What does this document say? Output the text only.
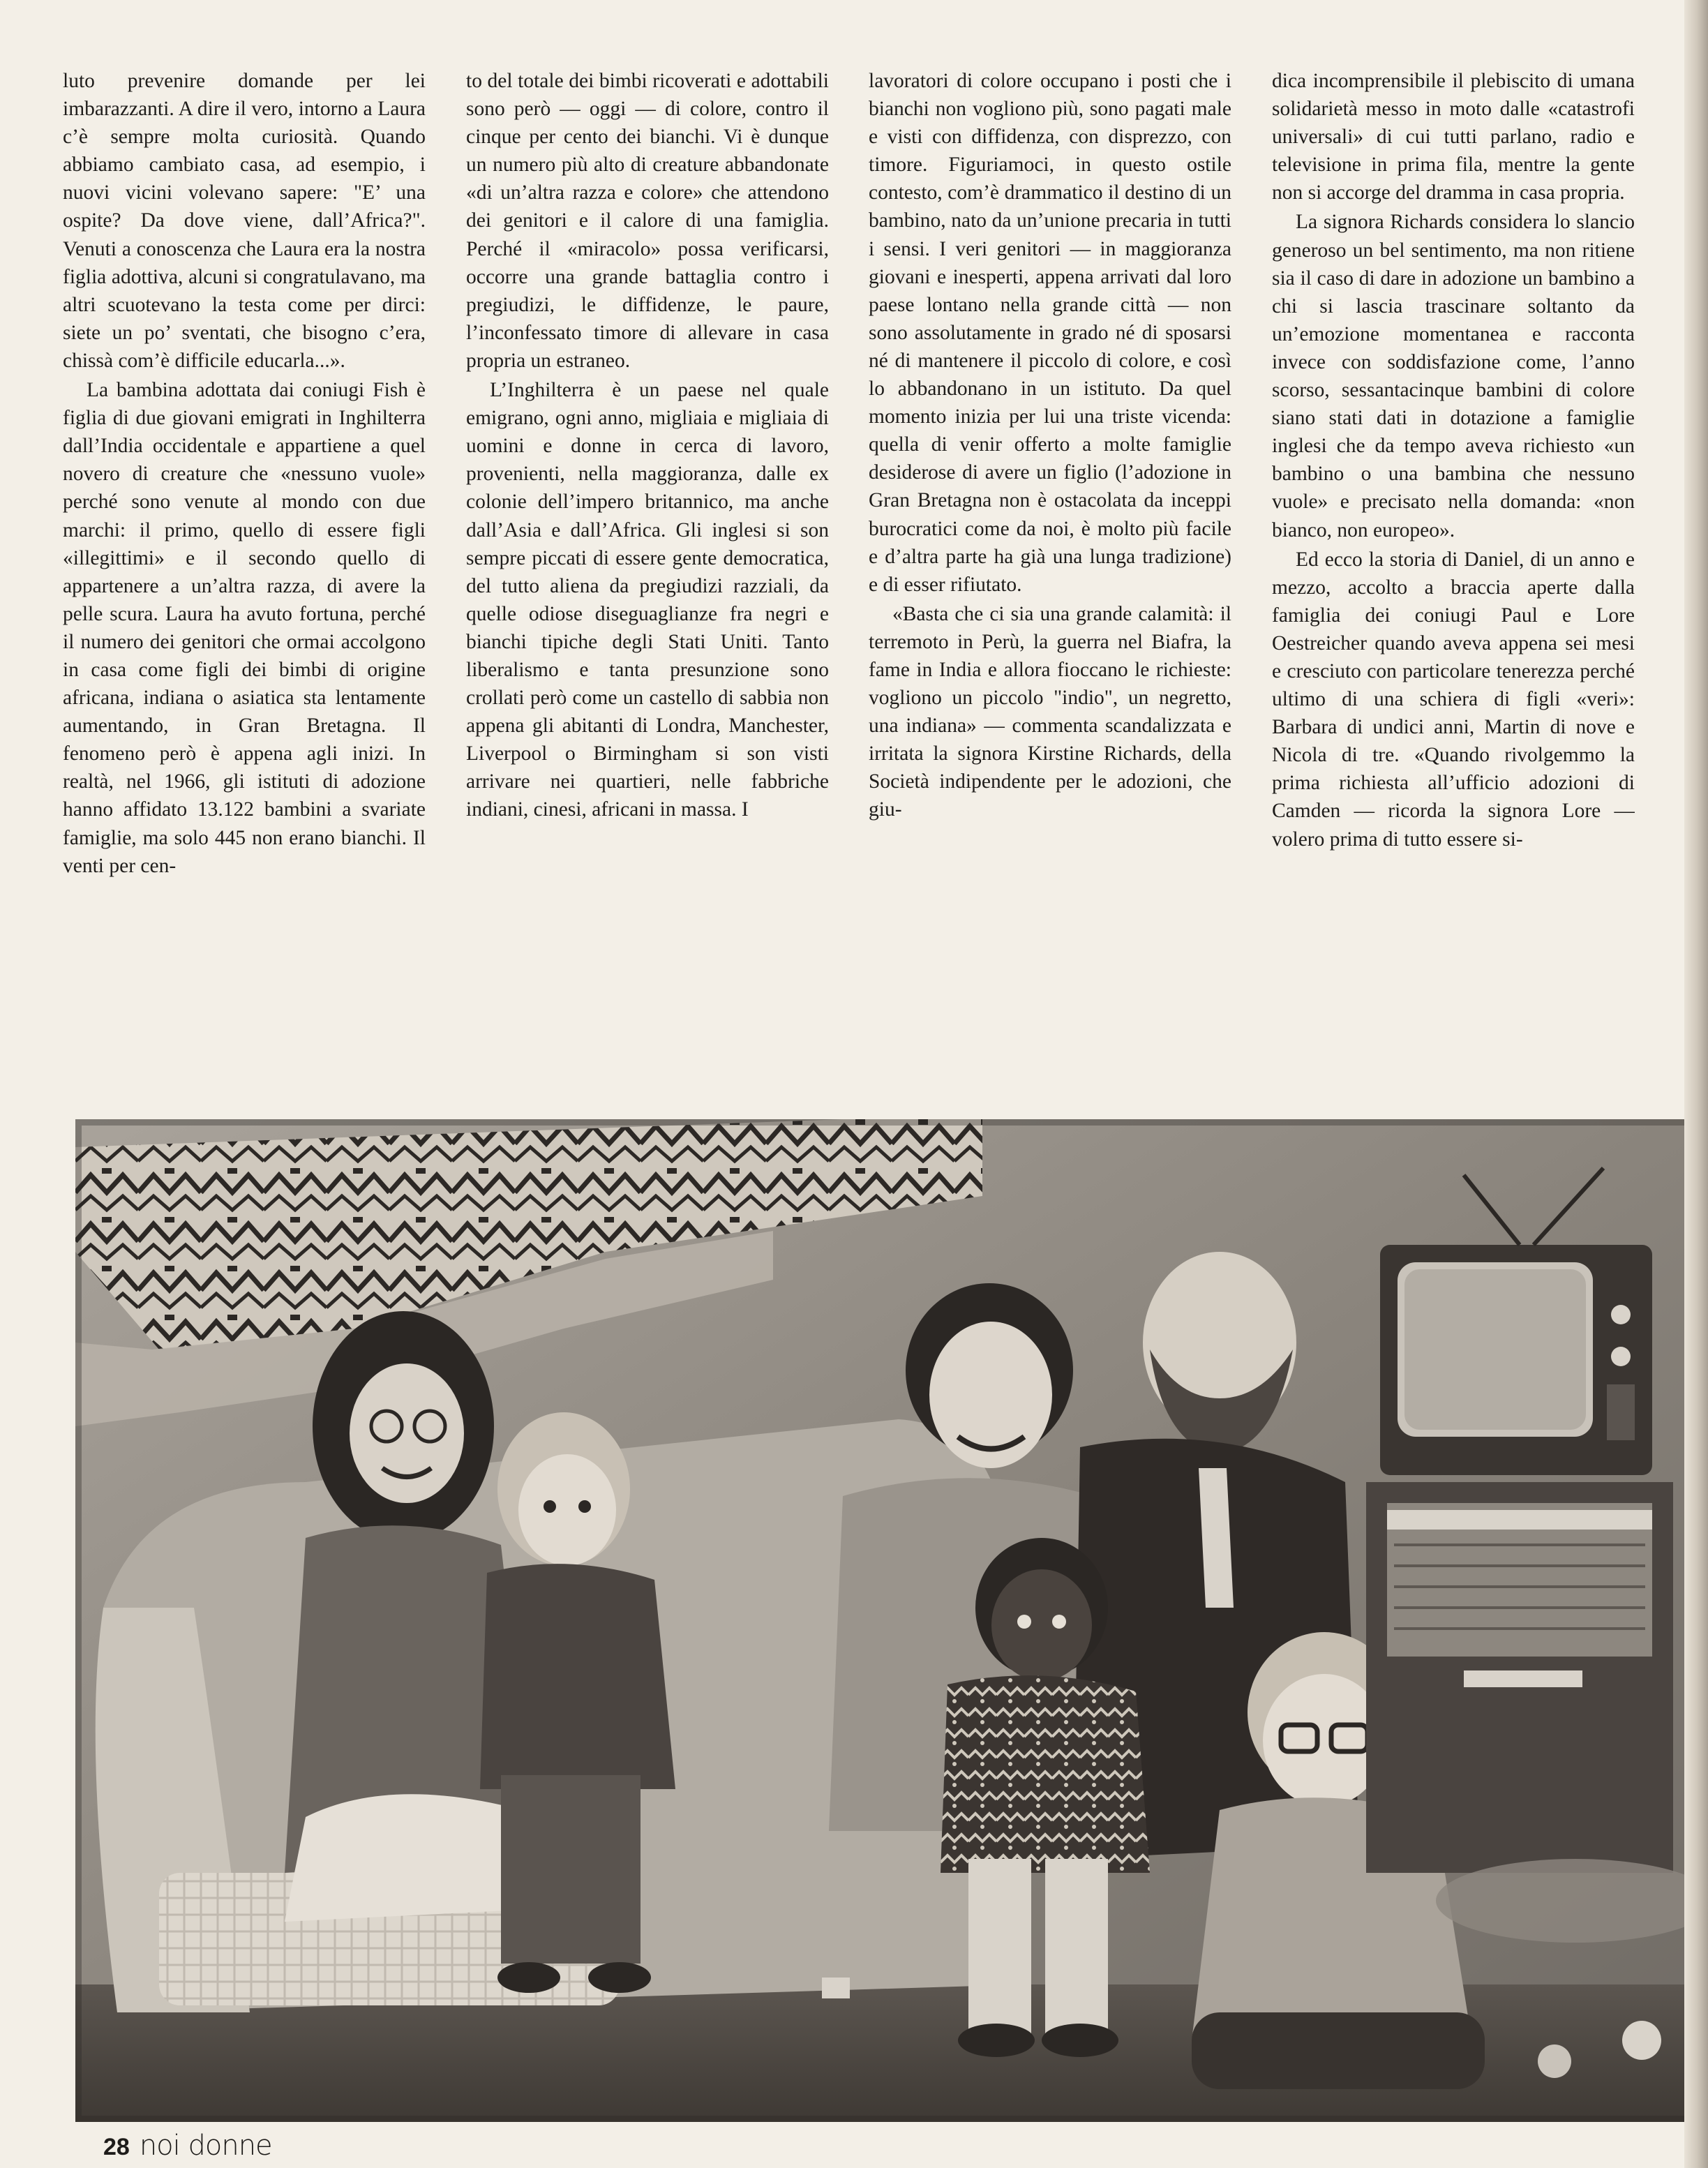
luto prevenire domande per lei imbarazzanti. A dire il vero, intorno a Laura c’è sempre molta curiosità. Quando abbiamo cambiato casa, ad esempio, i nuovi vicini volevano sapere: "E’ una ospite? Da dove viene, dall’Africa?". Venuti a conoscenza che Laura era la nostra figlia adottiva, alcuni si congratulavano, ma altri scuotevano la testa come per dirci: siete un po’ sventati, che bisogno c’era, chissà com’è difficile educarla...».

La bambina adottata dai coniugi Fish è figlia di due giovani emigrati in Inghilterra dall’India occidentale e appartiene a quel novero di creature che «nessuno vuole» perché sono venute al mondo con due marchi: il primo, quello di essere figli «illegittimi» e il secondo quello di appartenere a un’altra razza, di avere la pelle scura. Laura ha avuto fortuna, perché il numero dei genitori che ormai accolgono in casa come figli dei bimbi di origine africana, indiana o asiatica sta lentamente aumentando, in Gran Bretagna. Il fenomeno però è appena agli inizi. In realtà, nel 1966, gli istituti di adozione hanno affidato 13.122 bambini a svariate famiglie, ma solo 445 non erano bianchi. Il venti per cen-

to del totale dei bimbi ricoverati e adottabili sono però — oggi — di colore, contro il cinque per cento dei bianchi. Vi è dunque un numero più alto di creature abbandonate «di un’altra razza e colore» che attendono dei genitori e il calore di una famiglia. Perché il «miracolo» possa verificarsi, occorre una grande battaglia contro i pregiudizi, le diffidenze, le paure, l’inconfessato timore di allevare in casa propria un estraneo.

L’Inghilterra è un paese nel quale emigrano, ogni anno, migliaia e migliaia di uomini e donne in cerca di lavoro, provenienti, nella maggioranza, dalle ex colonie dell’impero britannico, ma anche dall’Asia e dall’Africa. Gli inglesi si son sempre piccati di essere gente democratica, del tutto aliena da pregiudizi razziali, da quelle odiose diseguaglianze fra negri e bianchi tipiche degli Stati Uniti. Tanto liberalismo e tanta presunzione sono crollati però come un castello di sabbia non appena gli abitanti di Londra, Manchester, Liverpool o Birmingham si son visti arrivare nei quartieri, nelle fabbriche indiani, cinesi, africani in massa. I

lavoratori di colore occupano i posti che i bianchi non vogliono più, sono pagati male e visti con diffidenza, con disprezzo, con timore. Figuriamoci, in questo ostile contesto, com’è drammatico il destino di un bambino, nato da un’unione precaria in tutti i sensi. I veri genitori — in maggioranza giovani e inesperti, appena arrivati dal loro paese lontano nella grande città — non sono assolutamente in grado né di sposarsi né di mantenere il piccolo di colore, e così lo abbandonano in un istituto. Da quel momento inizia per lui una triste vicenda: quella di venir offerto a molte famiglie desiderose di avere un figlio (l’adozione in Gran Bretagna non è ostacolata da inceppi burocratici come da noi, è molto più facile e d’altra parte ha già una lunga tradizione) e di esser rifiutato.

«Basta che ci sia una grande calamità: il terremoto in Perù, la guerra nel Biafra, la fame in India e allora fioccano le richieste: vogliono un piccolo "indio", un negretto, una indiana» — commenta scandalizzata e irritata la signora Kirstine Richards, della Società indipendente per le adozioni, che giu-

dica incomprensibile il plebiscito di umana solidarietà messo in moto dalle «catastrofi universali» di cui tutti parlano, radio e televisione in prima fila, mentre la gente non si accorge del dramma in casa propria.

La signora Richards considera lo slancio generoso un bel sentimento, ma non ritiene sia il caso di dare in adozione un bambino a chi si lascia trascinare soltanto da un’emozione momentanea e racconta invece con soddisfazione come, l’anno scorso, sessantacinque bambini di colore siano stati dati in dotazione a famiglie inglesi che da tempo aveva richiesto «un bambino o una bambina che nessuno vuole» e precisato nella domanda: «non bianco, non europeo».

Ed ecco la storia di Daniel, di un anno e mezzo, accolto a braccia aperte dalla famiglia dei coniugi Paul e Lore Oestreicher quando aveva appena sei mesi e cresciuto con particolare tenerezza perché ultimo di una schiera di figli «veri»: Barbara di undici anni, Martin di nove e Nicola di tre. «Quando rivolgemmo la prima richiesta all’ufficio adozioni di Camden — ricorda la signora Lore — volero prima di tutto essere si-

28 noi donne
